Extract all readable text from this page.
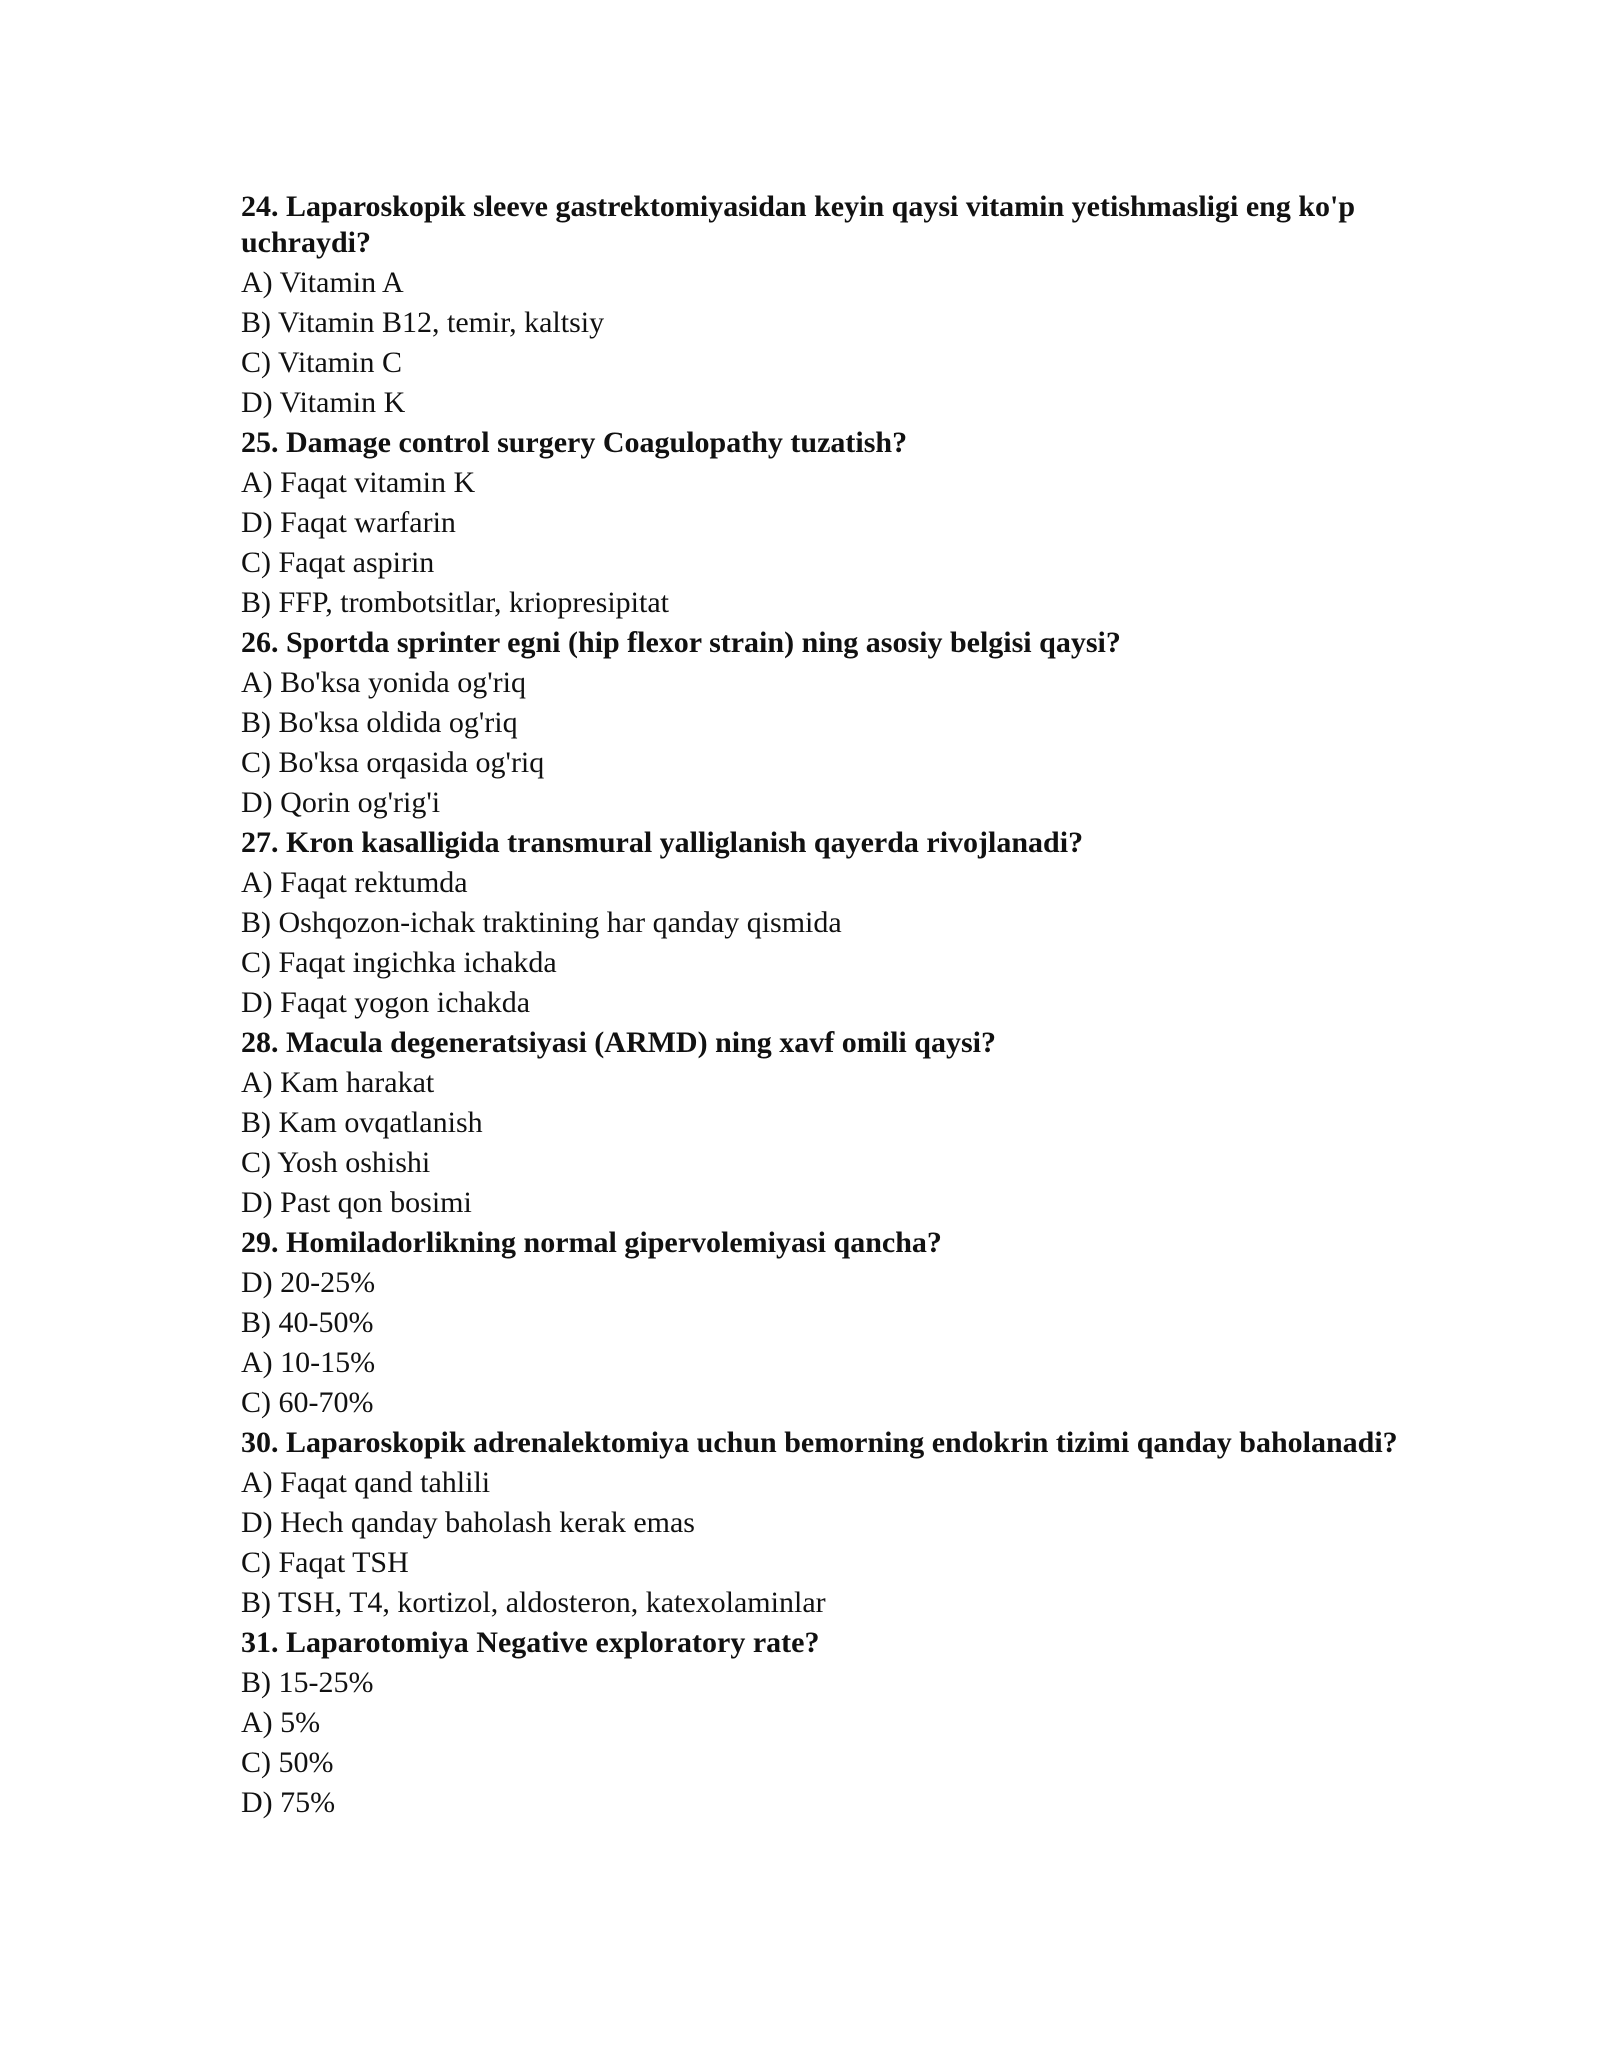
24. Laparoskopik sleeve gastrektomiyasidan keyin qaysi vitamin yetishmasligi eng ko'p uchraydi?
A) Vitamin A
B) Vitamin B12, temir, kaltsiy
C) Vitamin C
D) Vitamin K
25. Damage control surgery Coagulopathy tuzatish?
A) Faqat vitamin K
D) Faqat warfarin
C) Faqat aspirin
B) FFP, trombotsitlar, kriopresipitat
26. Sportda sprinter egni (hip flexor strain) ning asosiy belgisi qaysi?
A) Bo'ksa yonida og'riq
B) Bo'ksa oldida og'riq
C) Bo'ksa orqasida og'riq
D) Qorin og'rig'i
27. Kron kasalligida transmural yalliglanish qayerda rivojlanadi?
A) Faqat rektumda
B) Oshqozon-ichak traktining har qanday qismida
C) Faqat ingichka ichakda
D) Faqat yogon ichakda
28. Macula degeneratsiyasi (ARMD) ning xavf omili qaysi?
A) Kam harakat
B) Kam ovqatlanish
C) Yosh oshishi
D) Past qon bosimi
29. Homiladorlikning normal gipervolemiyasi qancha?
D) 20-25%
B) 40-50%
A) 10-15%
C) 60-70%
30. Laparoskopik adrenalektomiya uchun bemorning endokrin tizimi qanday baholanadi?
A) Faqat qand tahlili
D) Hech qanday baholash kerak emas
C) Faqat TSH
B) TSH, T4, kortizol, aldosteron, katexolaminlar
31. Laparotomiya Negative exploratory rate?
B) 15-25%
A) 5%
C) 50%
D) 75%
